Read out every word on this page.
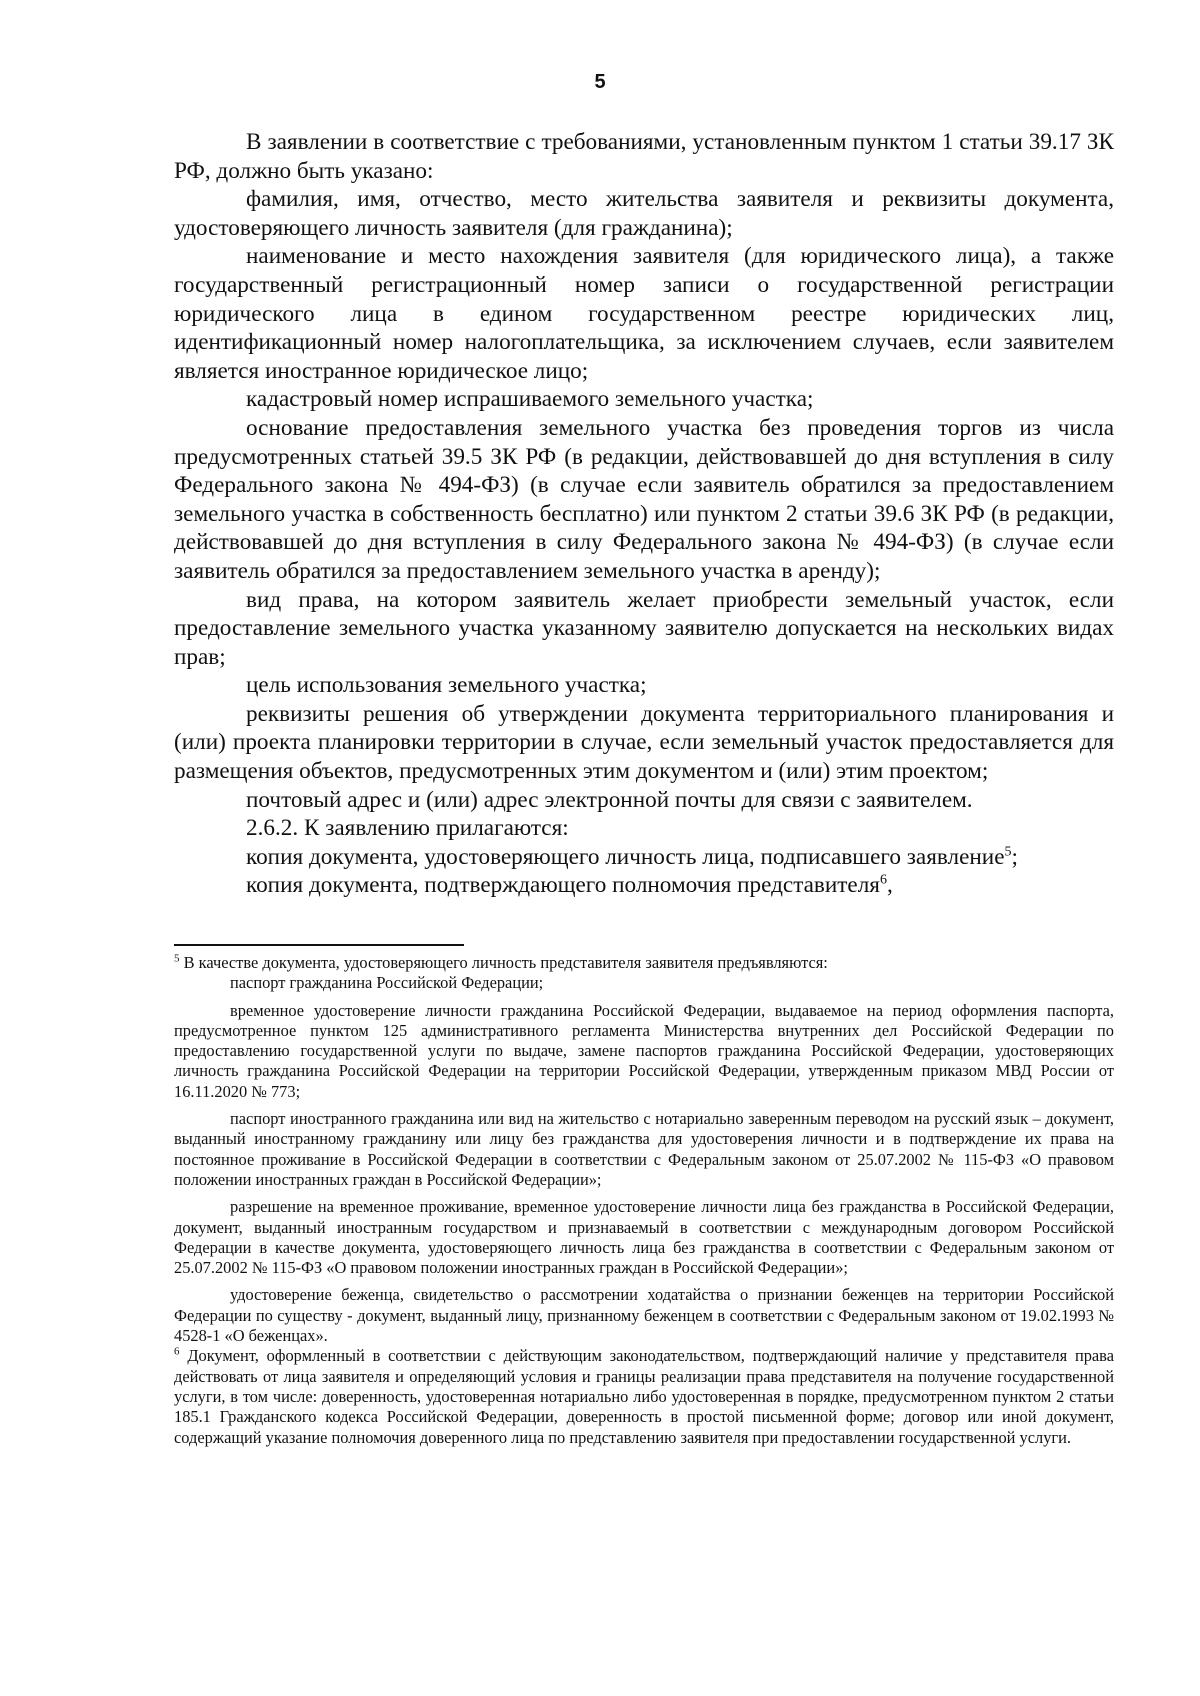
5

В заявлении в соответствие с требованиями, установленным пунктом 1 статьи 39.17 ЗК РФ, должно быть указано:

фамилия, имя, отчество, место жительства заявителя и реквизиты документа, удостоверяющего личность заявителя (для гражданина);

наименование и место нахождения заявителя (для юридического лица), а также государственный регистрационный номер записи о государственной регистрации юридического лица в едином государственном реестре юридических лиц, идентификационный номер налогоплательщика, за исключением случаев, если заявителем является иностранное юридическое лицо;

кадастровый номер испрашиваемого земельного участка;

основание предоставления земельного участка без проведения торгов из числа предусмотренных статьей 39.5 ЗК РФ (в редакции, действовавшей до дня вступления в силу Федерального закона № 494-ФЗ) (в случае если заявитель обратился за предоставлением земельного участка в собственность бесплатно) или пунктом 2 статьи 39.6 ЗК РФ (в редакции, действовавшей до дня вступления в силу Федерального закона № 494-ФЗ) (в случае если заявитель обратился за предоставлением земельного участка в аренду);

вид права, на котором заявитель желает приобрести земельный участок, если предоставление земельного участка указанному заявителю допускается на нескольких видах прав;

цель использования земельного участка;

реквизиты решения об утверждении документа территориального планирования и (или) проекта планировки территории в случае, если земельный участок предоставляется для размещения объектов, предусмотренных этим документом и (или) этим проектом;

почтовый адрес и (или) адрес электронной почты для связи с заявителем.

2.6.2. К заявлению прилагаются:

копия документа, удостоверяющего личность лица, подписавшего заявление$^5$;

копия документа, подтверждающего полномочия представителя$^6$,

$^5$ В качестве документа, удостоверяющего личность представителя заявителя предъявляются:

паспорт гражданина Российской Федерации;

временное удостоверение личности гражданина Российской Федерации, выдаваемое на период оформления паспорта, предусмотренное пунктом 125 административного регламента Министерства внутренних дел Российской Федерации по предоставлению государственной услуги по выдаче, замене паспортов гражданина Российской Федерации, удостоверяющих личность гражданина Российской Федерации на территории Российской Федерации, утвержденным приказом МВД России от 16.11.2020 № 773;

паспорт иностранного гражданина или вид на жительство с нотариально заверенным переводом на русский язык – документ, выданный иностранному гражданину или лицу без гражданства для удостоверения личности и в подтверждение их права на постоянное проживание в Российской Федерации в соответствии с Федеральным законом от 25.07.2002 № 115-ФЗ «О правовом положении иностранных граждан в Российской Федерации»;

разрешение на временное проживание, временное удостоверение личности лица без гражданства в Российской Федерации, документ, выданный иностранным государством и признаваемый в соответствии с международным договором Российской Федерации в качестве документа, удостоверяющего личность лица без гражданства в соответствии с Федеральным законом от 25.07.2002 № 115-ФЗ «О правовом положении иностранных граждан в Российской Федерации»;

удостоверение беженца, свидетельство о рассмотрении ходатайства о признании беженцев на территории Российской Федерации по существу - документ, выданный лицу, признанному беженцем в соответствии с Федеральным законом от 19.02.1993 № 4528-1 «О беженцах».

$^6$ Документ, оформленный в соответствии с действующим законодательством, подтверждающий наличие у представителя права действовать от лица заявителя и определяющий условия и границы реализации права представителя на получение государственной услуги, в том числе: доверенность, удостоверенная нотариально либо удостоверенная в порядке, предусмотренном пунктом 2 статьи 185.1 Гражданского кодекса Российской Федерации, доверенность в простой письменной форме; договор или иной документ, содержащий указание полномочия доверенного лица по представлению заявителя при предоставлении государственной услуги.
